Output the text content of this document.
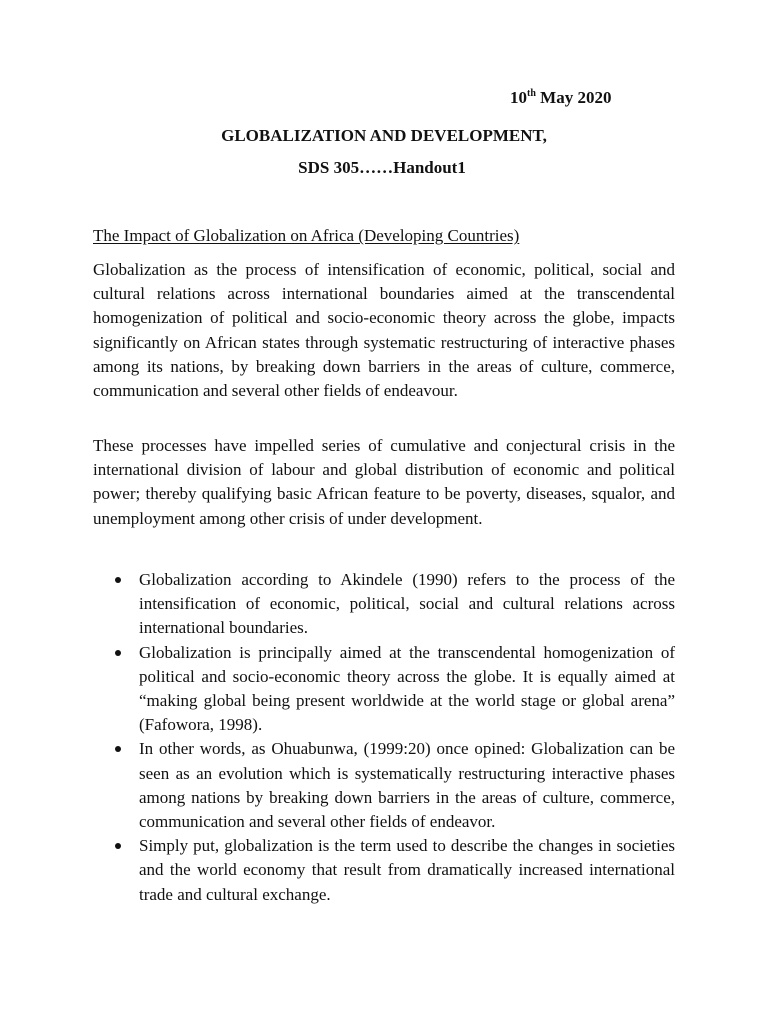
10th May 2020
GLOBALIZATION AND DEVELOPMENT,
SDS 305……Handout1
The Impact of Globalization on Africa (Developing Countries)

Globalization as the process of intensification of economic, political, social and cultural relations across international boundaries aimed at the transcendental homogenization of political and socio-economic theory across the globe, impacts significantly on African states through systematic restructuring of interactive phases among its nations, by breaking down barriers in the areas of culture, commerce, communication and several other fields of endeavour.

These processes have impelled series of cumulative and conjectural crisis in the international division of labour and global distribution of economic and political power; thereby qualifying basic African feature to be poverty, diseases, squalor, and unemployment among other crisis of under development.

Globalization according to Akindele (1990) refers to the process of the intensification of economic, political, social and cultural relations across international boundaries.
Globalization is principally aimed at the transcendental homogenization of political and socio-economic theory across the globe. It is equally aimed at “making global being present worldwide at the world stage or global arena” (Fafowora, 1998).
In other words, as Ohuabunwa, (1999:20) once opined: Globalization can be seen as an evolution which is systematically restructuring interactive phases among nations by breaking down barriers in the areas of culture, commerce, communication and several other fields of endeavor.
Simply put, globalization is the term used to describe the changes in societies and the world economy that result from dramatically increased international trade and cultural exchange.
